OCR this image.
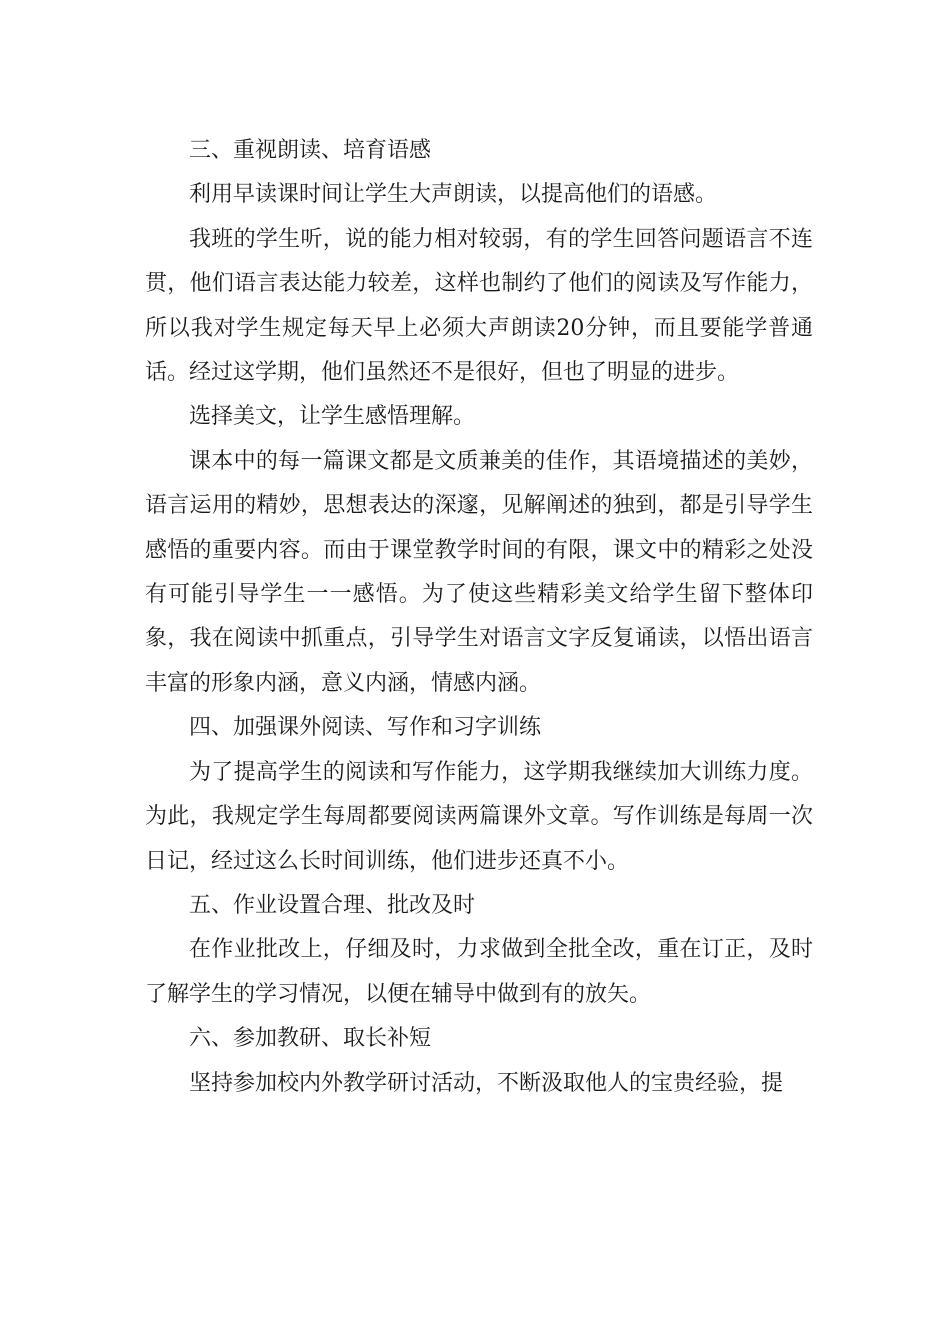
三、重视朗读、培育语感

利用早读课时间让学生大声朗读，以提高他们的语感。

我班的学生听，说的能力相对较弱，有的学生回答问题语言不连贯，他们语言表达能力较差，这样也制约了他们的阅读及写作能力，所以我对学生规定每天早上必须大声朗读20分钟，而且要能学普通话。经过这学期，他们虽然还不是很好，但也了明显的进步。

选择美文，让学生感悟理解。

课本中的每一篇课文都是文质兼美的佳作，其语境描述的美妙，语言运用的精妙，思想表达的深邃，见解阐述的独到，都是引导学生感悟的重要内容。而由于课堂教学时间的有限，课文中的精彩之处没有可能引导学生一一感悟。为了使这些精彩美文给学生留下整体印象，我在阅读中抓重点，引导学生对语言文字反复诵读，以悟出语言丰富的形象内涵，意义内涵，情感内涵。

四、加强课外阅读、写作和习字训练

为了提高学生的阅读和写作能力，这学期我继续加大训练力度。为此，我规定学生每周都要阅读两篇课外文章。写作训练是每周一次日记，经过这么长时间训练，他们进步还真不小。

五、作业设置合理、批改及时

在作业批改上，仔细及时，力求做到全批全改，重在订正，及时了解学生的学习情况，以便在辅导中做到有的放矢。

六、参加教研、取长补短

坚持参加校内外教学研讨活动，不断汲取他人的宝贵经验，提
